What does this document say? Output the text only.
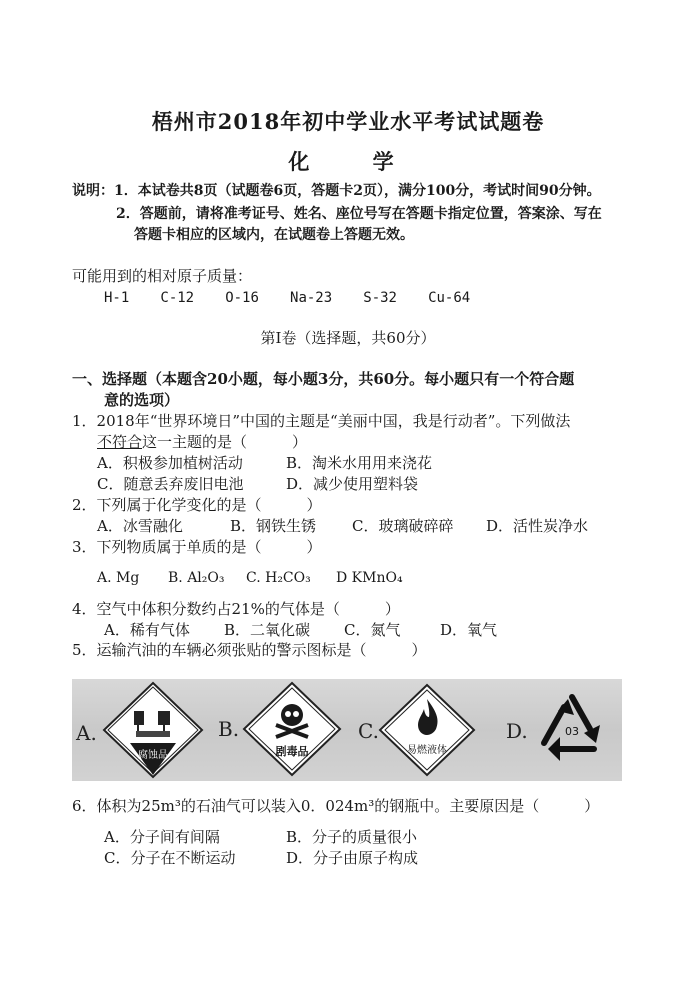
梧州市2018年初中学业水平考试试题卷
化 学
说明：1．本试卷共8页（试题卷6页，答题卡2页），满分100分，考试时间90分钟。
2．答题前，请将准考证号、姓名、座位号写在答题卡指定位置，答案涂、写在
答题卡相应的区域内，在试题卷上答题无效。
可能用到的相对原子质量：
H-1 C-12 O-16 Na-23 S-32 Cu-64
第Ⅰ卷（选择题，共60分）
一、选择题（本题含20小题，每小题3分，共60分。每小题只有一个符合题
意的选项）
1．2018年“世界环境日”中国的主题是“美丽中国，我是行动者”。下列做法
不符合这一主题的是（　　　）
A．积极参加植树活动	B．淘米水用用来浇花
C．随意丢弃废旧电池	D．减少使用塑料袋
2．下列属于化学变化的是（　　　）
A．冰雪融化	B．钢铁生锈 C．玻璃破碎碎 D．活性炭净水
3．下列物质属于单质的是（　　　）
A. Mg B. Al₂O₃ C. H₂CO₃ D KMnO₄
4．空气中体积分数约占21%的气体是（　　　）
A．稀有气体 B．二氧化碳 C．氮气	D．氧气
5．运输汽油的车辆必须张贴的警示图标是（　　　）
A.	B.	C.	D.
腐蚀品	剧毒品	易燃液体
03
6．体积为25m³的石油气可以装入0．024m³的钢瓶中。主要原因是（　　　）
A．分子间有间隔	B．分子的质量很小
C．分子在不断运动	D．分子由原子构成
